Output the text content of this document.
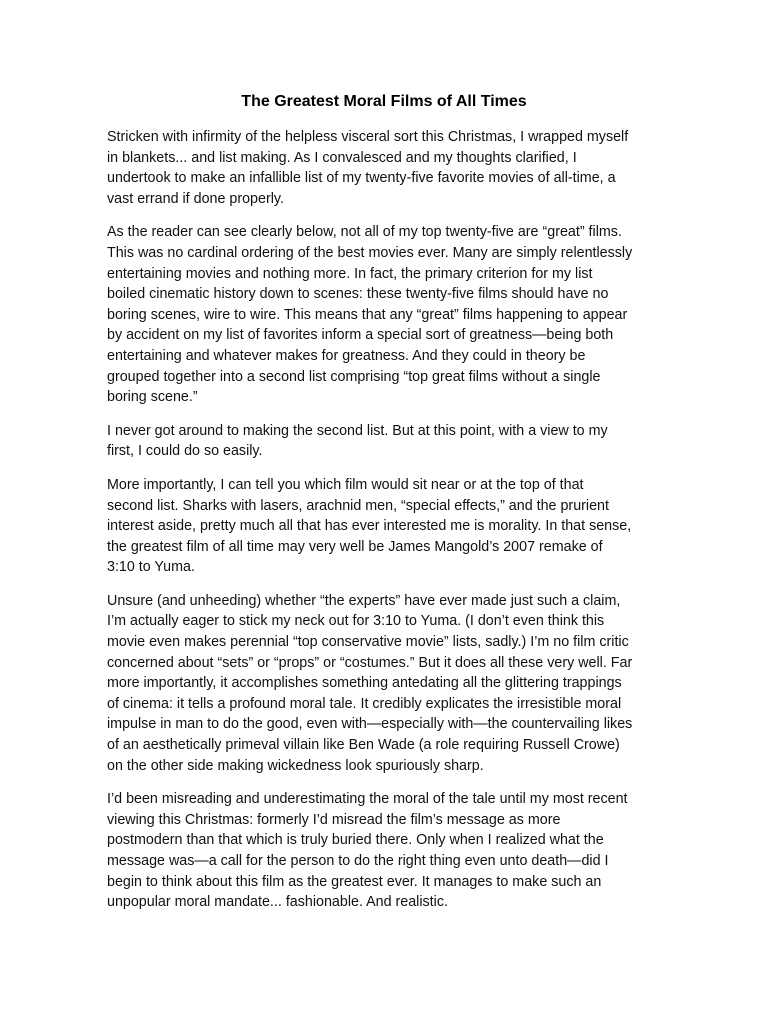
The Greatest Moral Films of All Times

Stricken with infirmity of the helpless visceral sort this Christmas, I wrapped myself
in blankets... and list making. As I convalesced and my thoughts clarified, I
undertook to make an infallible list of my twenty-five favorite movies of all-time, a
vast errand if done properly.

As the reader can see clearly below, not all of my top twenty-five are “great” films.
This was no cardinal ordering of the best movies ever. Many are simply relentlessly
entertaining movies and nothing more. In fact, the primary criterion for my list
boiled cinematic history down to scenes: these twenty-five films should have no
boring scenes, wire to wire. This means that any “great” films happening to appear
by accident on my list of favorites inform a special sort of greatness—being both
entertaining and whatever makes for greatness. And they could in theory be
grouped together into a second list comprising “top great films without a single
boring scene.”

I never got around to making the second list. But at this point, with a view to my
first, I could do so easily.

More importantly, I can tell you which film would sit near or at the top of that
second list. Sharks with lasers, arachnid men, “special effects,” and the prurient
interest aside, pretty much all that has ever interested me is morality. In that sense,
the greatest film of all time may very well be James Mangold’s 2007 remake of
3:10 to Yuma.

Unsure (and unheeding) whether “the experts” have ever made just such a claim,
I’m actually eager to stick my neck out for 3:10 to Yuma. (I don’t even think this
movie even makes perennial “top conservative movie” lists, sadly.) I’m no film critic
concerned about “sets” or “props” or “costumes.” But it does all these very well. Far
more importantly, it accomplishes something antedating all the glittering trappings
of cinema: it tells a profound moral tale. It credibly explicates the irresistible moral
impulse in man to do the good, even with—especially with—the countervailing likes
of an aesthetically primeval villain like Ben Wade (a role requiring Russell Crowe)
on the other side making wickedness look spuriously sharp.

I’d been misreading and underestimating the moral of the tale until my most recent
viewing this Christmas: formerly I’d misread the film’s message as more
postmodern than that which is truly buried there. Only when I realized what the
message was—a call for the person to do the right thing even unto death—did I
begin to think about this film as the greatest ever. It manages to make such an
unpopular moral mandate... fashionable. And realistic.
